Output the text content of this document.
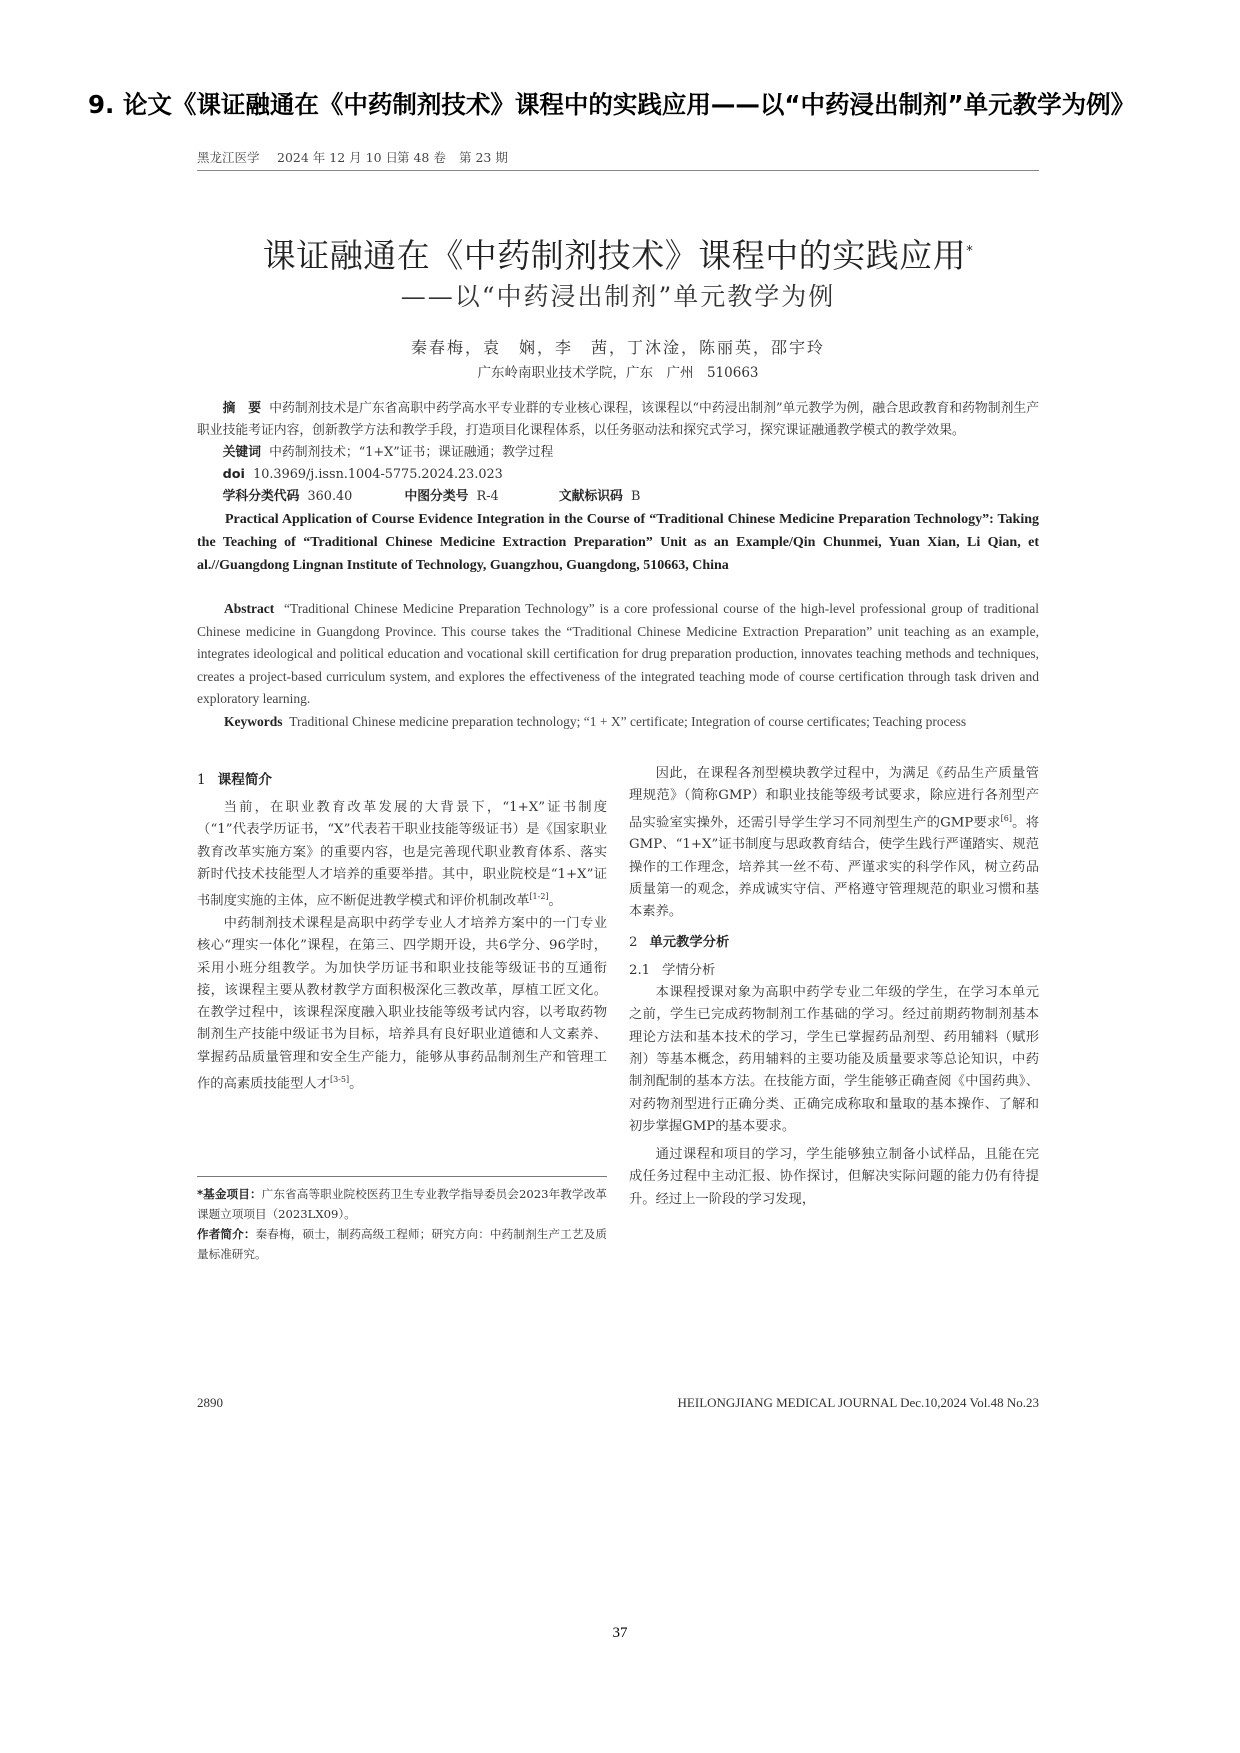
9. 论文《课证融通在《中药制剂技术》课程中的实践应用——以“中药浸出制剂”单元教学为例》
黑龙江医学 2024 年 12 月 10 日 第 48 卷 第 23 期
课证融通在《中药制剂技术》课程中的实践应用*
——以“中药浸出制剂”单元教学为例
秦春梅，袁　娴，李　茜，丁沐淦，陈丽英，邵宇玲
广东岭南职业技术学院，广东　广州　510663
摘　要 中药制剂技术是广东省高职中药学高水平专业群的专业核心课程，该课程以“中药浸出制剂”单元教学为例，融合思政教育和药物制剂生产职业技能考证内容，创新教学方法和教学手段，打造项目化课程体系，以任务驱动法和探究式学习，探究课证融通教学模式的教学效果。
关键词 中药制剂技术；“1+X”证书；课证融通；教学过程
doi 10.3969/j.issn.1004-5775.2024.23.023
学科分类代码 360.40	中图分类号 R-4	文献标识码 B
Practical Application of Course Evidence Integration in the Course of “Traditional Chinese Medicine Preparation Technology”: Taking the Teaching of “Traditional Chinese Medicine Extraction Preparation” Unit as an Example/Qin Chunmei, Yuan Xian, Li Qian, et al.//Guangdong Lingnan Institute of Technology, Guangzhou, Guangdong, 510663, China
Abstract “Traditional Chinese Medicine Preparation Technology” is a core professional course of the high-level professional group of traditional Chinese medicine in Guangdong Province. This course takes the “Traditional Chinese Medicine Extraction Preparation” unit teaching as an example, integrates ideological and political education and vocational skill certification for drug preparation production, innovates teaching methods and techniques, creates a project-based curriculum system, and explores the effectiveness of the integrated teaching mode of course certification through task driven and exploratory learning.
Keywords Traditional Chinese medicine preparation technology; “1 + X” certificate; Integration of course certificates; Teaching process
1 课程简介
当前，在职业教育改革发展的大背景下，“1+X”证书制度（“1”代表学历证书，“X”代表若干职业技能等级证书）是《国家职业教育改革实施方案》的重要内容，也是完善现代职业教育体系、落实新时代技术技能型人才培养的重要举措。其中，职业院校是“1+X”证书制度实施的主体，应不断促进教学模式和评价机制改革[1-2]。
中药制剂技术课程是高职中药学专业人才培养方案中的一门专业核心“理实一体化”课程，在第三、四学期开设，共6学分、96学时，采用小班分组教学。为加快学历证书和职业技能等级证书的互通衔接，该课程主要从教材教学方面积极深化三教改革，厚植工匠文化。在教学过程中，该课程深度融入职业技能等级考试内容，以考取药物制剂生产技能中级证书为目标，培养具有良好职业道德和人文素养、掌握药品质量管理和安全生产能力，能够从事药品制剂生产和管理工作的高素质技能型人才[3-5]。
*基金项目：广东省高等职业院校医药卫生专业教学指导委员会2023年教学改革课题立项项目（2023LX09）。
作者简介：秦春梅，硕士，制药高级工程师；研究方向：中药制剂生产工艺及质量标准研究。
因此，在课程各剂型模块教学过程中，为满足《药品生产质量管理规范》（简称GMP）和职业技能等级考试要求，除应进行各剂型产品实验室实操外，还需引导学生学习不同剂型生产的GMP要求[6]。将GMP、“1+X”证书制度与思政教育结合，使学生践行严谨踏实、规范操作的工作理念，培养其一丝不苟、严谨求实的科学作风，树立药品质量第一的观念，养成诚实守信、严格遵守管理规范的职业习惯和基本素养。
2 单元教学分析
2.1 学情分析
本课程授课对象为高职中药学专业二年级的学生，在学习本单元之前，学生已完成药物制剂工作基础的学习。经过前期药物制剂基本理论方法和基本技术的学习，学生已掌握药品剂型、药用辅料（赋形剂）等基本概念，药用辅料的主要功能及质量要求等总论知识，中药制剂配制的基本方法。在技能方面，学生能够正确查阅《中国药典》、对药物剂型进行正确分类、正确完成称取和量取的基本操作、了解和初步掌握GMP的基本要求。
通过课程和项目的学习，学生能够独立制备小试样品，且能在完成任务过程中主动汇报、协作探讨，但解决实际问题的能力仍有待提升。经过上一阶段的学习发现，
2890	HEILONGJIANG MEDICAL JOURNAL Dec.10,2024 Vol.48 No.23
37
